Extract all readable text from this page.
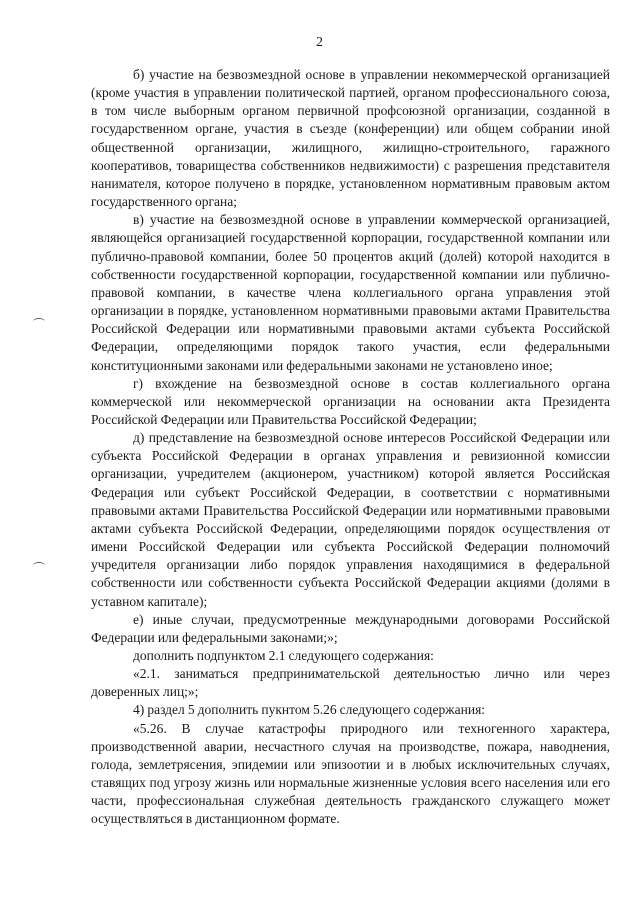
2

б) участие на безвозмездной основе в управлении некоммерческой организацией (кроме участия в управлении политической партией, органом профессионального союза, в том числе выборным органом первичной профсоюзной организации, созданной в государственном органе, участия в съезде (конференции) или общем собрании иной общественной организации, жилищного, жилищно-строительного, гаражного кооперативов, товарищества собственников недвижимости) с разрешения представителя нанимателя, которое получено в порядке, установленном нормативным правовым актом государственного органа;

в) участие на безвозмездной основе в управлении коммерческой организацией, являющейся организацией государственной корпорации, государственной компании или публично-правовой компании, более 50 процентов акций (долей) которой находится в собственности государственной корпорации, государственной компании или публично-правовой компании, в качестве члена коллегиального органа управления этой организации в порядке, установленном нормативными правовыми актами Правительства Российской Федерации или нормативными правовыми актами субъекта Российской Федерации, определяющими порядок такого участия, если федеральными конституционными законами или федеральными законами не установлено иное;

г) вхождение на безвозмездной основе в состав коллегиального органа коммерческой или некоммерческой организации на основании акта Президента Российской Федерации или Правительства Российской Федерации;

д) представление на безвозмездной основе интересов Российской Федерации или субъекта Российской Федерации в органах управления и ревизионной комиссии организации, учредителем (акционером, участником) которой является Российская Федерация или субъект Российской Федерации, в соответствии с нормативными правовыми актами Правительства Российской Федерации или нормативными правовыми актами субъекта Российской Федерации, определяющими порядок осуществления от имени Российской Федерации или субъекта Российской Федерации полномочий учредителя организации либо порядок управления находящимися в федеральной собственности или собственности субъекта Российской Федерации акциями (долями в уставном капитале);

е) иные случаи, предусмотренные международными договорами Российской Федерации или федеральными законами;»;

дополнить подпунктом 2.1 следующего содержания:

«2.1. заниматься предпринимательской деятельностью лично или через доверенных лиц;»;

4) раздел 5 дополнить пукнтом 5.26 следующего содержания:

«5.26. В случае катастрофы природного или техногенного характера, производственной аварии, несчастного случая на производстве, пожара, наводнения, голода, землетрясения, эпидемии или эпизоотии и в любых исключительных случаях, ставящих под угрозу жизнь или нормальные жизненные условия всего населения или его части, профессиональная служебная деятельность гражданского служащего может осуществляться в дистанционном формате.
